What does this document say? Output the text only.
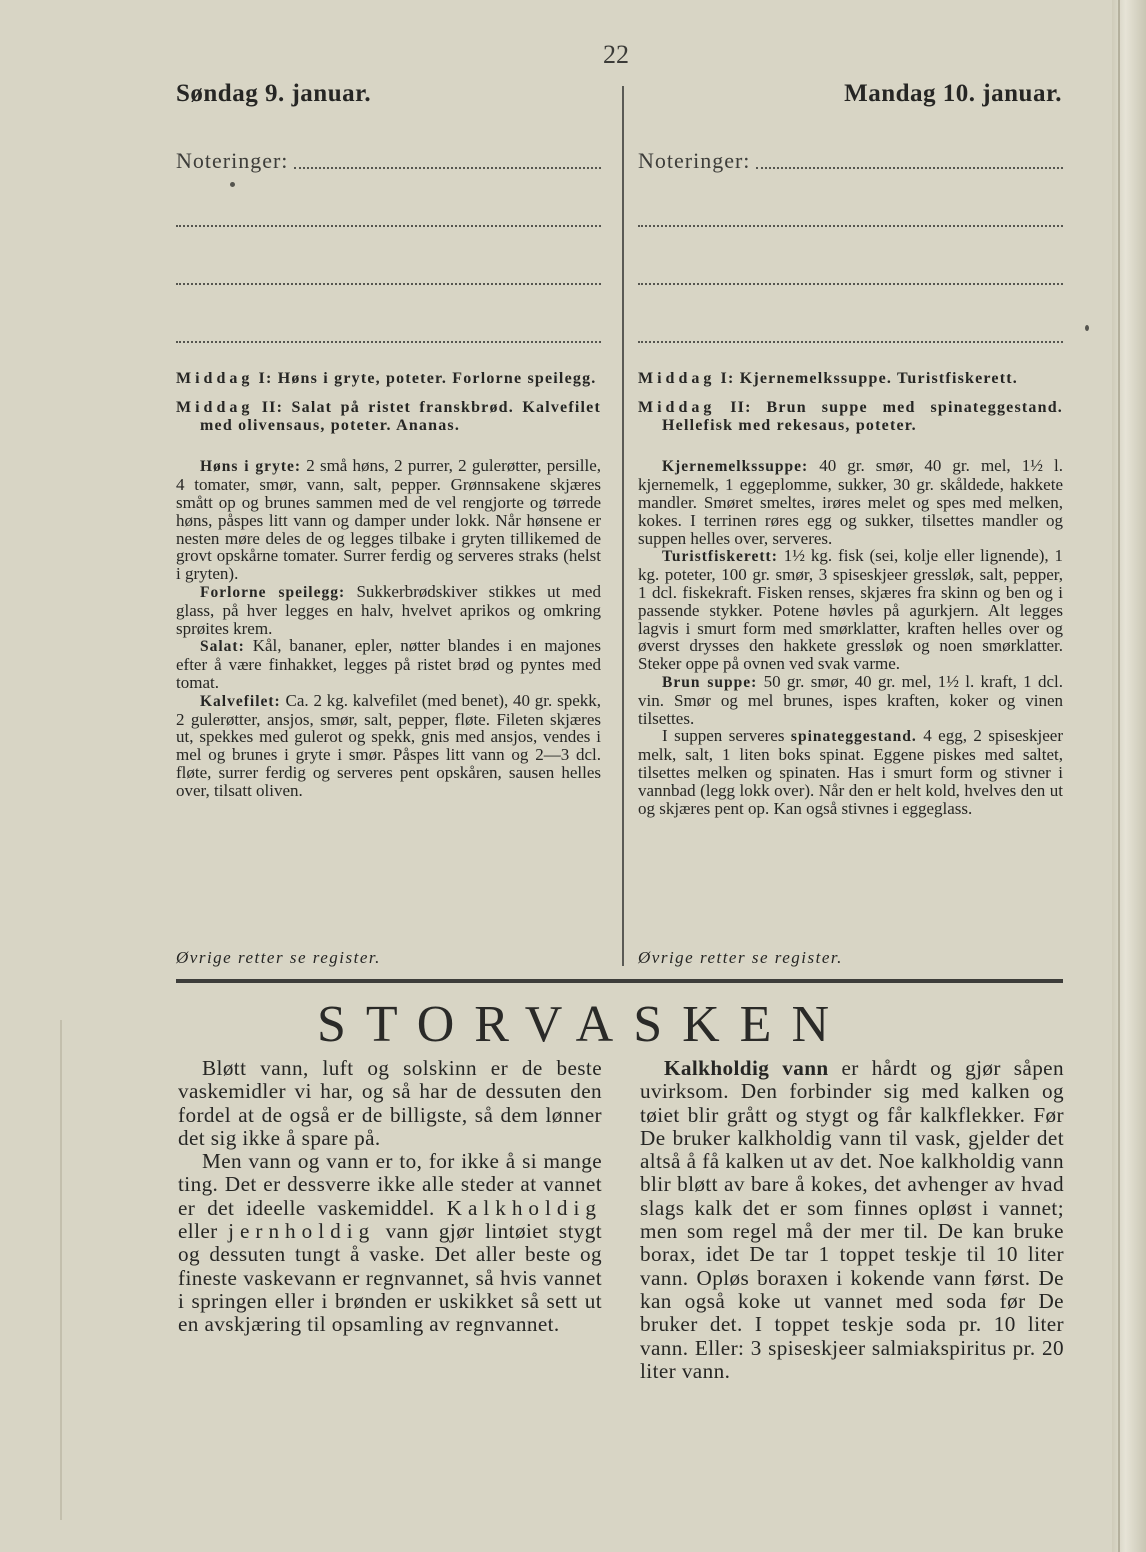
22
Søndag 9. januar.	Mandag 10. januar.
Noteringer:	Noteringer:

Middag I: Høns i gryte, poteter. Forlorne speilegg.

Middag II: Salat på ristet franskbrød. Kalvefilet med olivensaus, poteter. Ananas.

Høns i gryte: 2 små høns, 2 purrer, 2 gulerøtter, persille, 4 tomater, smør, vann, salt, pepper. Grønnsakene skjæres smått op og brunes sammen med de vel rengjorte og tørrede høns, påspes litt vann og damper under lokk. Når hønsene er nesten møre deles de og legges tilbake i gryten tillikemed de grovt opskårne tomater. Surrer ferdig og serveres straks (helst i gryten).

Forlorne speilegg: Sukkerbrødskiver stikkes ut med glass, på hver legges en halv, hvelvet aprikos og omkring sprøites krem.

Salat: Kål, bananer, epler, nøtter blandes i en majones efter å være finhakket, legges på ristet brød og pyntes med tomat.

Kalvefilet: Ca. 2 kg. kalvefilet (med benet), 40 gr. spekk, 2 gulerøtter, ansjos, smør, salt, pepper, fløte. Fileten skjæres ut, spekkes med gulerot og spekk, gnis med ansjos, vendes i mel og brunes i gryte i smør. Påspes litt vann og 2—3 dcl. fløte, surrer ferdig og serveres pent opskåren, sausen helles over, tilsatt oliven.

Middag I: Kjernemelkssuppe. Turistfiskerett.

Middag II: Brun suppe med spinateggestand. Hellefisk med rekesaus, poteter.

Kjernemelkssuppe: 40 gr. smør, 40 gr. mel, 1½ l. kjernemelk, 1 eggeplomme, sukker, 30 gr. skåldede, hakkete mandler. Smøret smeltes, irøres melet og spes med melken, kokes. I terrinen røres egg og sukker, tilsettes mandler og suppen helles over, serveres.

Turistfiskerett: 1½ kg. fisk (sei, kolje eller lignende), 1 kg. poteter, 100 gr. smør, 3 spiseskjeer gressløk, salt, pepper, 1 dcl. fiskekraft. Fisken renses, skjæres fra skinn og ben og i passende stykker. Potene høvles på agurkjern. Alt legges lagvis i smurt form med smørklatter, kraften helles over og øverst drysses den hakkete gressløk og noen smørklatter. Steker oppe på ovnen ved svak varme.

Brun suppe: 50 gr. smør, 40 gr. mel, 1½ l. kraft, 1 dcl. vin. Smør og mel brunes, ispes kraften, koker og vinen tilsettes.

I suppen serveres spinateggestand. 4 egg, 2 spiseskjeer melk, salt, 1 liten boks spinat. Eggene piskes med saltet, tilsettes melken og spinaten. Has i smurt form og stivner i vannbad (legg lokk over). Når den er helt kold, hvelves den ut og skjæres pent op. Kan også stivnes i eggeglass.

Øvrige retter se register.	Øvrige retter se register.
STORVASKEN

Bløtt vann, luft og solskinn er de beste vaskemidler vi har, og så har de dessuten den fordel at de også er de billigste, så dem lønner det sig ikke å spare på.

Men vann og vann er to, for ikke å si mange ting. Det er dessverre ikke alle steder at vannet er det ideelle vaskemiddel. Kalkholdig eller jernholdig vann gjør lintøiet stygt og dessuten tungt å vaske. Det aller beste og fineste vaskevann er regnvannet, så hvis vannet i springen eller i brønden er uskikket så sett ut en avskjæring til opsamling av regnvannet.

Kalkholdig vann er hårdt og gjør såpen uvirksom. Den forbinder sig med kalken og tøiet blir grått og stygt og får kalkflekker. Før De bruker kalkholdig vann til vask, gjelder det altså å få kalken ut av det. Noe kalkholdig vann blir bløtt av bare å kokes, det avhenger av hvad slags kalk det er som finnes opløst i vannet; men som regel må der mer til. De kan bruke borax, idet De tar 1 toppet teskje til 10 liter vann. Opløs boraxen i kokende vann først. De kan også koke ut vannet med soda før De bruker det. I toppet teskje soda pr. 10 liter vann. Eller: 3 spiseskjeer salmiakspiritus pr. 20 liter vann.
